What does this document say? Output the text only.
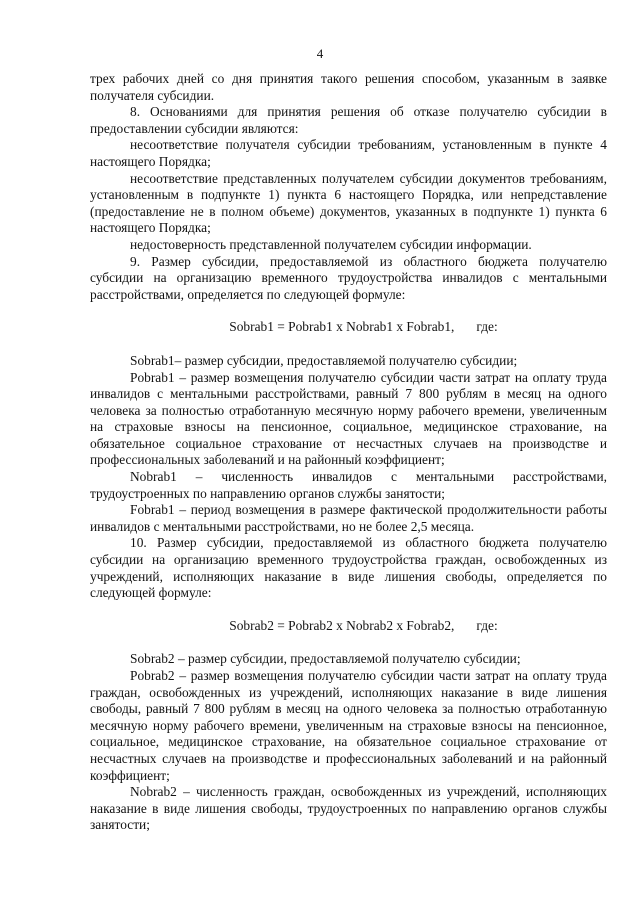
4

трех рабочих дней со дня принятия такого решения способом, указанным в заявке получателя субсидии.

8. Основаниями для принятия решения об отказе получателю субсидии в предоставлении субсидии являются:

несоответствие получателя субсидии требованиям, установленным в пункте 4 настоящего Порядка;

несоответствие представленных получателем субсидии документов требованиям, установленным в подпункте 1) пункта 6 настоящего Порядка, или непредставление (предоставление не в полном объеме) документов, указанных в подпункте 1) пункта 6 настоящего Порядка;

недостоверность представленной получателем субсидии информации.

9. Размер субсидии, предоставляемой из областного бюджета получателю субсидии на организацию временного трудоустройства инвалидов с ментальными расстройствами, определяется по следующей формуле:

Sobrab1 = Pobrab1 x Nobrab1 x Fobrab1, где:

Sobrab1– размер субсидии, предоставляемой получателю субсидии;

Pobrab1 – размер возмещения получателю субсидии части затрат на оплату труда инвалидов с ментальными расстройствами, равный 7 800 рублям в месяц на одного человека за полностью отработанную месячную норму рабочего времени, увеличенным на страховые взносы на пенсионное, социальное, медицинское страхование, на обязательное социальное страхование от несчастных случаев на производстве и профессиональных заболеваний и на районный коэффициент;

Nobrab1 – численность инвалидов с ментальными расстройствами, трудоустроенных по направлению органов службы занятости;

Fobrab1 – период возмещения в размере фактической продолжительности работы инвалидов с ментальными расстройствами, но не более 2,5 месяца.

10. Размер субсидии, предоставляемой из областного бюджета получателю субсидии на организацию временного трудоустройства граждан, освобожденных из учреждений, исполняющих наказание в виде лишения свободы, определяется по следующей формуле:

Sobrab2 = Pobrab2 x Nobrab2 x Fobrab2, где:

Sobrab2 – размер субсидии, предоставляемой получателю субсидии;

Pobrab2 – размер возмещения получателю субсидии части затрат на оплату труда граждан, освобожденных из учреждений, исполняющих наказание в виде лишения свободы, равный 7 800 рублям в месяц на одного человека за полностью отработанную месячную норму рабочего времени, увеличенным на страховые взносы на пенсионное, социальное, медицинское страхование, на обязательное социальное страхование от несчастных случаев на производстве и профессиональных заболеваний и на районный коэффициент;

Nobrab2 – численность граждан, освобожденных из учреждений, исполняющих наказание в виде лишения свободы, трудоустроенных по направлению органов службы занятости;
